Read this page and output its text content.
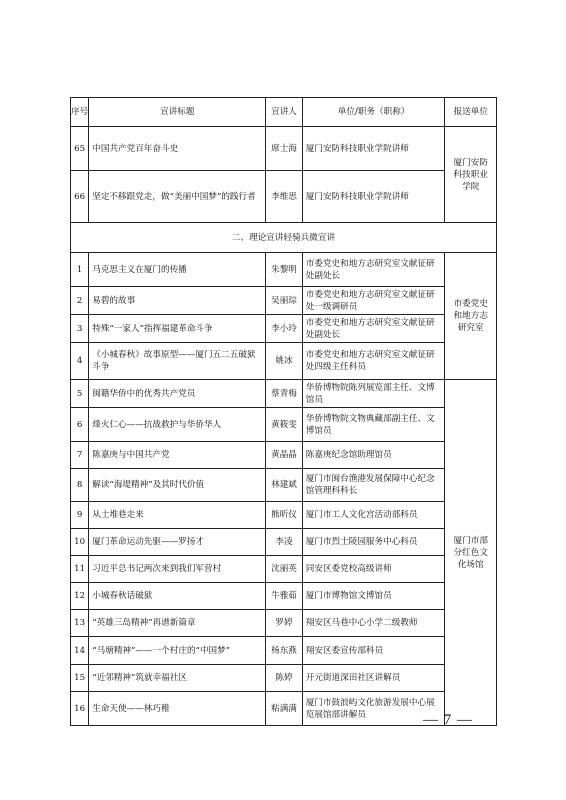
序号	宣讲标题	宣讲人	单位/职务（职称）	报送单位
65	中国共产党百年奋斗史	席士海	厦门安防科技职业学院讲师	厦门安防科技职业学院
66	坚定不移跟党走，做“美丽中国梦”的践行者	李维思	厦门安防科技职业学院讲师	
二、理论宣讲轻骑兵微宣讲				
1	马克思主义在厦门的传播	朱黎明	市委党史和地方志研究室文献征研处副处长	市委党史和地方志研究室
2	易碧的故事	吴丽琮	市委党史和地方志研究室文献征研处一级调研员	
3	特殊“一家人”指挥福建革命斗争	李小玲	市委党史和地方志研究室文献征研处副处长	
4	《小城春秋》故事原型——厦门五二五破狱斗争	姚冰	市委党史和地方志研究室文献征研处四级主任科员	
5	闽籍华侨中的优秀共产党员	蔡青梅	华侨博物院陈列展览部主任、文博馆员	厦门市部分红色文化场馆
6	烽火仁心——抗战救护与华侨华人	黄筱雯	华侨博物院文物典藏部副主任、文博馆员	
7	陈嘉庚与中国共产党	黄晶晶	陈嘉庚纪念馆助理馆员	
8	解读“海堤精神”及其时代价值	林建斌	厦门市闽台渔港发展保障中心纪念馆管理科科长	
9	从土堆巷走来	熊昕仪	厦门市工人文化宫活动部科员	
10	厦门革命运动先驱——罗扬才	李凌	厦门市烈士陵园服务中心科员	
11	习近平总书记两次来到我们军营村	沈丽英	同安区委党校高级讲师	
12	小城春秋话破狱	牛雅茹	厦门市博物馆文博馆员	
13	“英雄三岛精神”再谱新篇章	罗婷	翔安区马巷中心小学二级教师	
14	“马塘精神”——一个村庄的“中国梦”	杨东燕	翔安区委宣传部科员	
15	“近邻精神”筑就幸福社区	陈婷	开元街道深田社区讲解员	
16	生命天使——林巧稚	粘满满	厦门市鼓浪屿文化旅游发展中心展览展馆部讲解员		— 7 —
